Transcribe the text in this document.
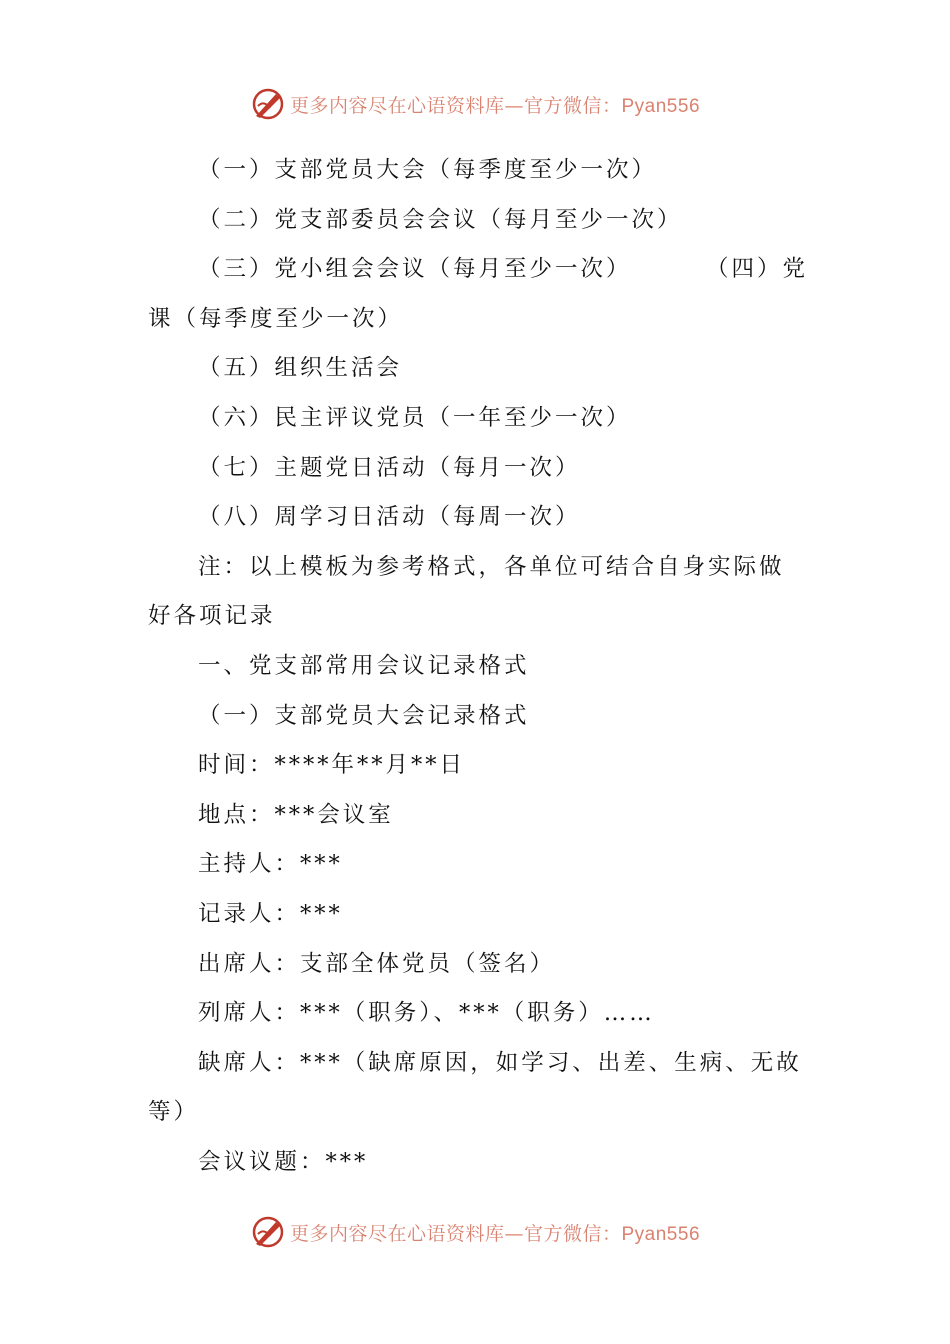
更多内容尽在心语资料库—官方微信：Pyan556

（一）支部党员大会（每季度至少一次）

（二）党支部委员会会议（每月至少一次）

（三）党小组会会议（每月至少一次）	（四）党

课（每季度至少一次）

（五）组织生活会

（六）民主评议党员（一年至少一次）

（七）主题党日活动（每月一次）

（八）周学习日活动（每周一次）

注：以上模板为参考格式，各单位可结合自身实际做

好各项记录

一、党支部常用会议记录格式

（一）支部党员大会记录格式

时间：****年**月**日

地点：***会议室

主持人：***

记录人：***

出席人：支部全体党员（签名）

列席人：***（职务）、***（职务）……

缺席人：***（缺席原因，如学习、出差、生病、无故

等）

会议议题：***

更多内容尽在心语资料库—官方微信：Pyan556
